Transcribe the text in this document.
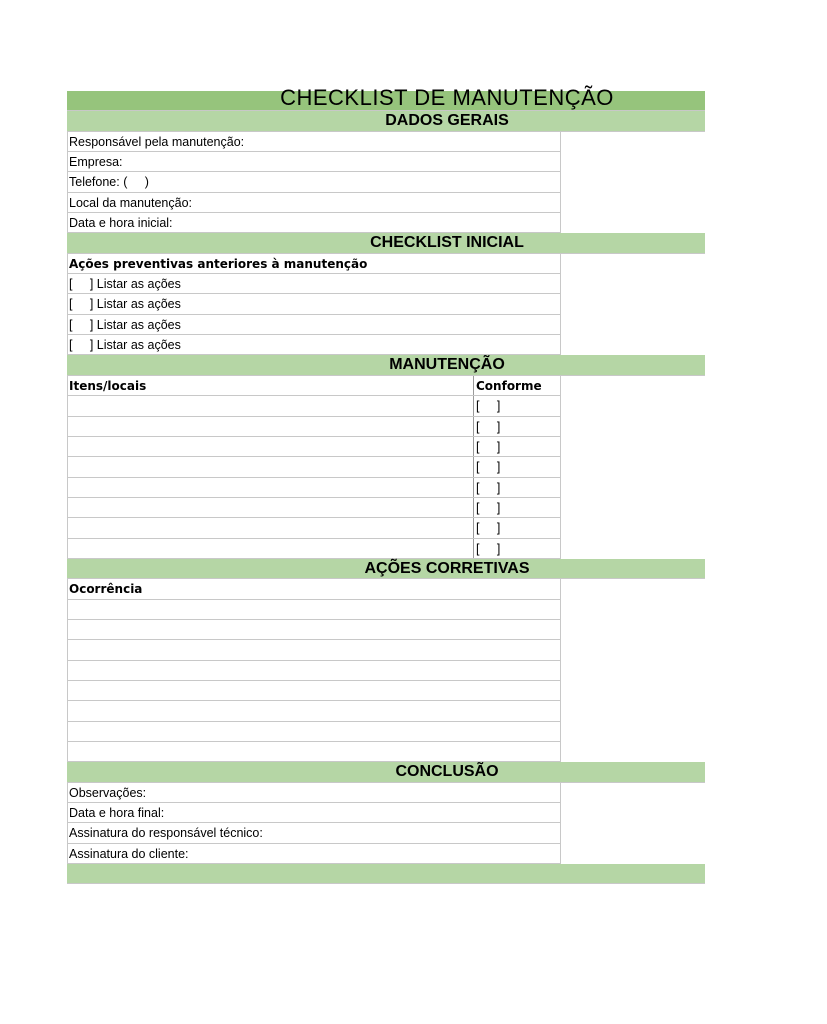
CHECKLIST DE MANUTENÇÃO
DADOS GERAIS
Responsável pela manutenção:
Empresa:
Telefone: (     )
Local da manutenção:
Data e hora inicial:
CHECKLIST INICIAL
Ações preventivas anteriores à manutenção
[     ] Listar as ações
[     ] Listar as ações
[     ] Listar as ações
[     ] Listar as ações
MANUTENÇÃO
Itens/locais	Conforme
[     ]
[     ]
[     ]
[     ]
[     ]
[     ]
[     ]
[     ]
AÇÕES CORRETIVAS
Ocorrência
CONCLUSÃO
Observações:
Data e hora final:
Assinatura do responsável técnico:
Assinatura do cliente:
